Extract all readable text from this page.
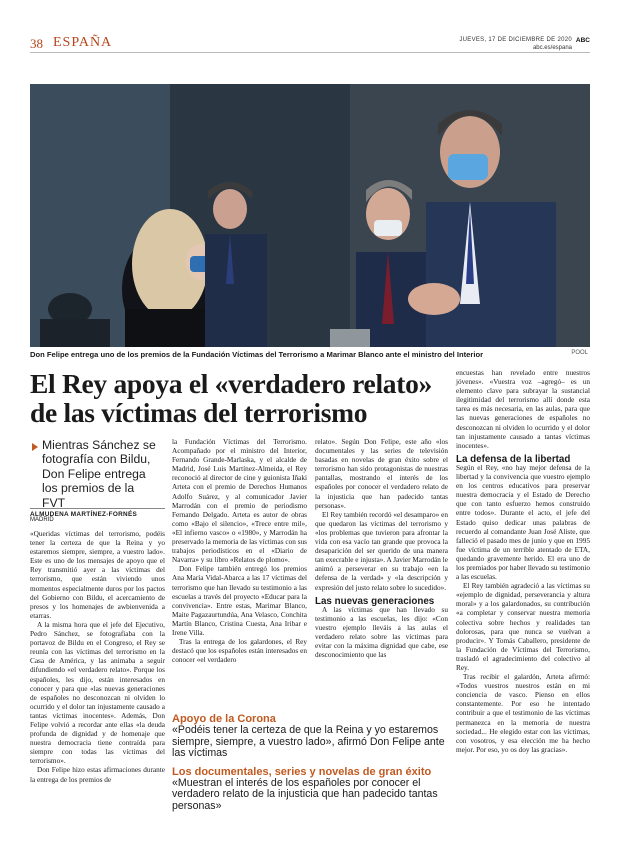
38 ESPAÑA	JUEVES, 17 DE DICIEMBRE DE 2020 ABC
abc.es/espana
Don Felipe entrega uno de los premios de la Fundación Víctimas del Terrorismo a Marimar Blanco ante el ministro del Interior	POOL
El Rey apoya el «verdadero relato»
de las víctimas del terrorismo
Mientras Sánchez se fotografía con Bildu, Don Felipe entrega los premios de la FVT
ALMUDENA MARTÍNEZ-FORNÉS
MADRID

«Queridas víctimas del terrorismo, podéis tener la certeza de que la Reina y yo estaremos siempre, siempre, a vuestro lado». Este es uno de los mensajes de apoyo que el Rey transmitió ayer a las víctimas del terrorismo, que están viviendo unos momentos especialmente duros por los pactos del Gobierno con Bildu, el acercamiento de presos y los homenajes de awbienvenida a etarras.

A la misma hora que el jefe del Ejecutivo, Pedro Sánchez, se fotografiaba con la portavoz de Bildu en el Congreso, el Rey se reunía con las víctimas del terrorismo en la Casa de América, y las animaba a seguir difundiendo «el verdadero relato». Porque los españoles, les dijo, están interesados en conocer y para que «las nuevas generaciones de españoles no desconozcan ni olviden lo ocurrido y el dolor tan injustamente causado a tantas víctimas inocentes». Además, Don Felipe volvió a recordar ante ellas «la deuda profunda de dignidad y de homenaje que nuestra democracia tiene contraída para siempre con todas las víctimas del terrorismo».

Don Felipe hizo estas afirmaciones durante la entrega de los premios de

la Fundación Víctimas del Terrorismo. Acompañado por el ministro del Interior, Fernando Grande-Marlaska, y el alcalde de Madrid, José Luis Martínez-Almeida, el Rey reconoció al director de cine y guionista Iñaki Arteta con el premio de Derechos Humanos Adolfo Suárez, y al comunicador Javier Marrodán con el premio de periodismo Fernando Delgado. Arteta es autor de obras como «Bajo el silencio», «Trece entre mil», «El infierno vasco» o «1980», y Marrodán ha preservado la memoria de las víctimas con sus trabajos periodísticos en el «Diario de Navarra» y su libro «Relatos de plomo».

Don Felipe también entregó los premios Ana María Vidal-Abarca a las 17 víctimas del terrorismo que han llevado su testimonio a las escuelas a través del proyecto «Educar para la convivencia». Entre estas, Marimar Blanco, Maite Pagazaurtundúa, Ana Velasco, Conchita Martín Blanco, Cristina Cuesta, Ana Iribar e Irene Villa.

Tras la entrega de los galardones, el Rey destacó que los españoles están interesados en conocer «el verdadero

relato». Según Don Felipe, este año «los documentales y las series de televisión basadas en novelas de gran éxito sobre el terrorismo han sido protagonistas de nuestras pantallas, mostrando el interés de los españoles por conocer el verdadero relato de la injusticia que han padecido tantas personas».

El Rey también recordó «el desamparo» en que quedaron las víctimas del terrorismo y «los problemas que tuvieron para afrontar la vida con esa vacío tan grande que provoca la desaparición del ser querido de una manera tan execrable e injusta». A Javier Marrodán le animó a perseverar en su trabajo «en la defensa de la verdad» y «la descripción y expresión del justo relato sobre lo sucedido».

Las nuevas generaciones

A las víctimas que han llevado su testimonio a las escuelas, les dijo: «Con vuestro ejemplo lleváis a las aulas el verdadero relato sobre las víctimas para evitar con la máxima dignidad que cabe, ese desconocimiento que las

encuestas han revelado entre nuestros jóvenes». «Vuestra voz –agregó– es un elemento clave para subrayar la sustancial ilegitimidad del terrorismo allí donde esta tarea es más necesaria, en las aulas, para que las nuevas generaciones de españoles no desconozcan ni olviden lo ocurrido y el dolor tan injustamente causado a tantas víctimas inocentes».

La defensa de la libertad

Según el Rey, «no hay mejor defensa de la libertad y la convivencia que vuestro ejemplo en los centros educativos para preservar nuestra democracia y el Estado de Derecho que con tanto esfuerzo hemos construido entre todos». Durante el acto, el jefe del Estado quiso dedicar unas palabras de recuerdo al comandante Juan José Aliste, que falleció el pasado mes de junio y que en 1995 fue víctima de un terrible atentado de ETA, quedando gravemente herido. El era uno de los premiados por haber llevado su testimonio a las escuelas.

El Rey también agradeció a las víctimas su «ejemplo de dignidad, perseverancia y altura moral» y a los galardonados, su contribución «a completar y conservar nuestra memoria colectiva sobre hechos y realidades tan dolorosas, para que nunca se vuelvan a producir». Y Tomás Caballero, presidente de la Fundación de Víctimas del Terrorismo, trasladó el agradecimiento del colectivo al Rey.

Tras recibir el galardón, Arteta afirmó: «Todos vuestros nuestros están en mi conciencia de vasco. Pienso en ellos constantemente. Por eso he intentado contribuir a que el testimonio de las víctimas permanezca en la memoria de nuestra sociedad... He elegido estar con las víctimas, con vosotros, y esa elección me ha hecho mejor. Por eso, yo os doy las gracias».

Apoyo de la Corona
«Podéis tener la certeza de que la Reina y yo estaremos siempre, siempre, a vuestro lado», afirmó Don Felipe ante las víctimas
Los documentales, series y novelas de gran éxito
«Muestran el interés de los españoles por conocer el verdadero relato de la injusticia que han padecido tantas personas»
